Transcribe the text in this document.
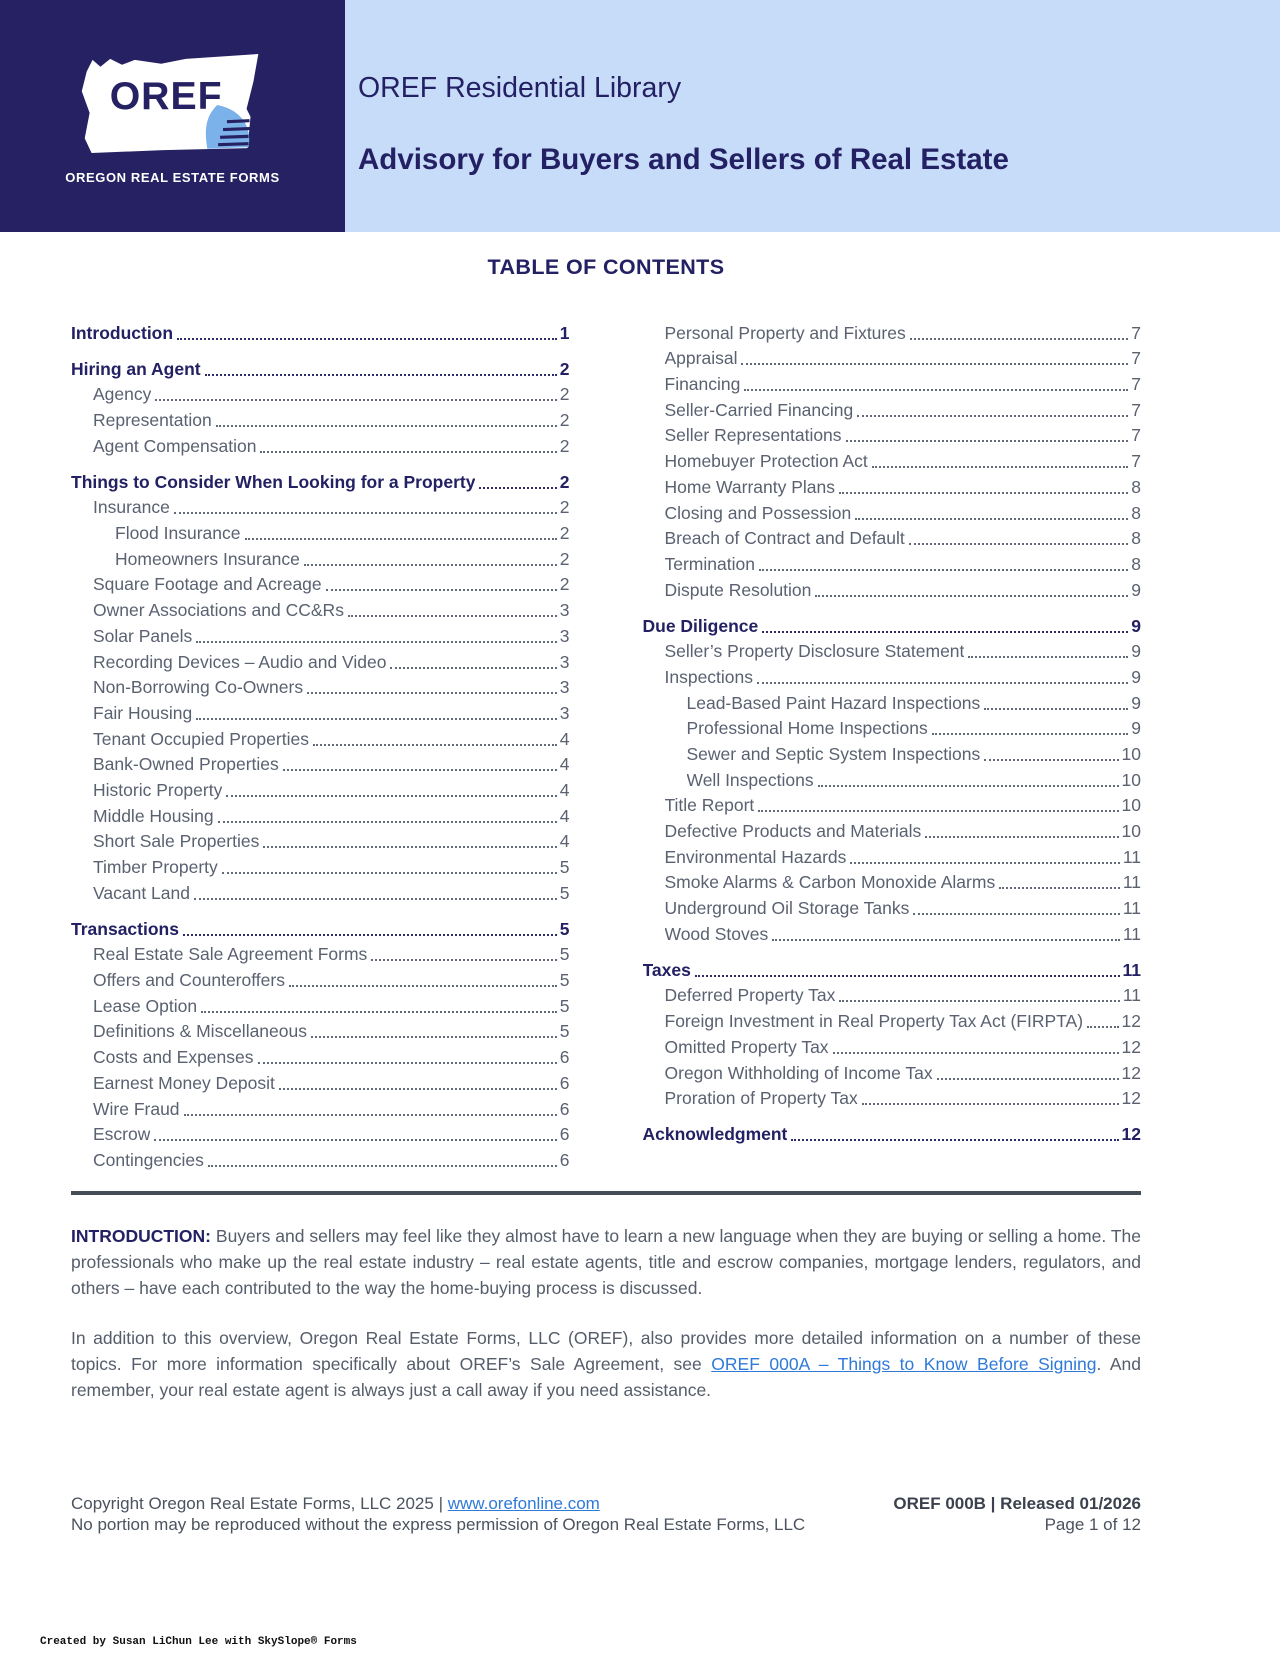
OREF
OREGON REAL ESTATE FORMS
OREF Residential Library
Advisory for Buyers and Sellers of Real Estate
TABLE OF CONTENTS
Introduction	1
Hiring an Agent	2
Agency	2
Representation	2
Agent Compensation	2
Things to Consider When Looking for a Property	2
Insurance	2
Flood Insurance	2
Homeowners Insurance	2
Square Footage and Acreage	2
Owner Associations and CC&Rs	3
Solar Panels	3
Recording Devices – Audio and Video	3
Non-Borrowing Co-Owners	3
Fair Housing	3
Tenant Occupied Properties	4
Bank-Owned Properties	4
Historic Property	4
Middle Housing	4
Short Sale Properties	4
Timber Property	5
Vacant Land	5
Transactions	5
Real Estate Sale Agreement Forms	5
Offers and Counteroffers	5
Lease Option	5
Definitions & Miscellaneous	5
Costs and Expenses	6
Earnest Money Deposit	6
Wire Fraud	6
Escrow	6
Contingencies	6
Personal Property and Fixtures	7
Appraisal	7
Financing	7
Seller-Carried Financing	7
Seller Representations	7
Homebuyer Protection Act	7
Home Warranty Plans	8
Closing and Possession	8
Breach of Contract and Default	8
Termination	8
Dispute Resolution	9
Due Diligence	9
Seller’s Property Disclosure Statement	9
Inspections	9
Lead-Based Paint Hazard Inspections	9
Professional Home Inspections	9
Sewer and Septic System Inspections	10
Well Inspections	10
Title Report	10
Defective Products and Materials	10
Environmental Hazards	11
Smoke Alarms & Carbon Monoxide Alarms	11
Underground Oil Storage Tanks	11
Wood Stoves	11
Taxes	11
Deferred Property Tax	11
Foreign Investment in Real Property Tax Act (FIRPTA) 12
Omitted Property Tax	12
Oregon Withholding of Income Tax	12
Proration of Property Tax	12
Acknowledgment	12

INTRODUCTION: Buyers and sellers may feel like they almost have to learn a new language when they are buying or selling a home. The professionals who make up the real estate industry – real estate agents, title and escrow companies, mortgage lenders, regulators, and others – have each contributed to the way the home-buying process is discussed.

In addition to this overview, Oregon Real Estate Forms, LLC (OREF), also provides more detailed information on a number of these topics. For more information specifically about OREF’s Sale Agreement, see OREF 000A – Things to Know Before Signing. And remember, your real estate agent is always just a call away if you need assistance.

Copyright Oregon Real Estate Forms, LLC 2025 | www.orefonline.com
No portion may be reproduced without the express permission of Oregon Real Estate Forms, LLC
OREF 000B | Released 01/2026
Page 1 of 12
Created by Susan LiChun Lee with SkySlope® Forms
